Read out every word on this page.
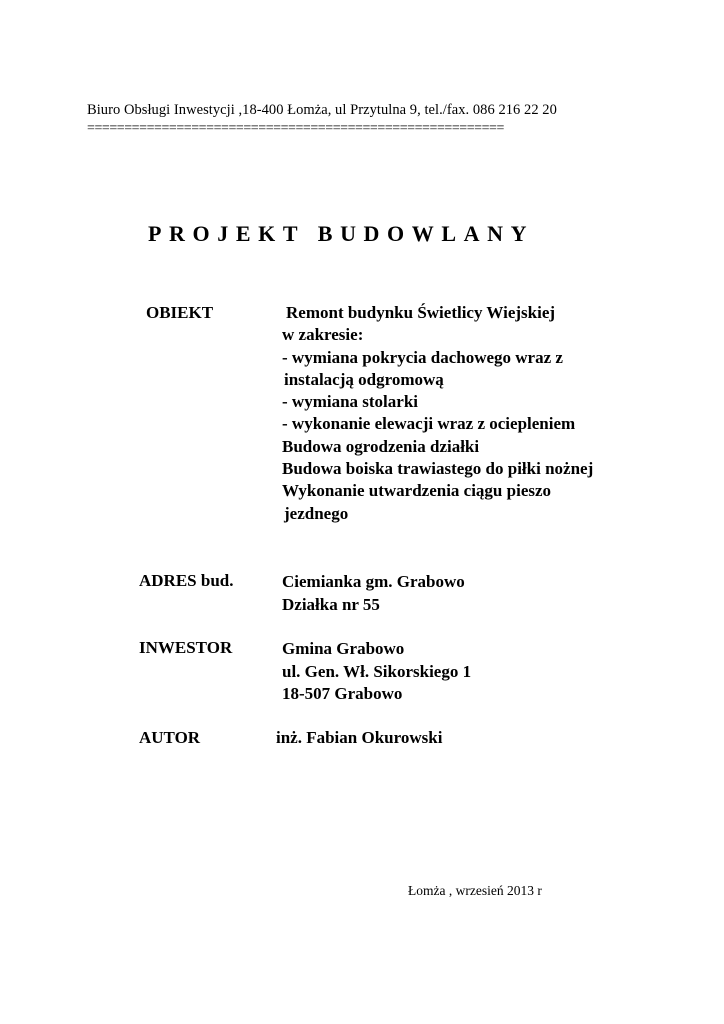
Biuro Obsługi Inwestycji ,18-400 Łomża, ul Przytulna 9, tel./fax. 086 216 22 20
========================================================
PROJEKT BUDOWLANY
OBIEKT	Remont budynku Świetlicy Wiejskiej
w zakresie:
- wymiana pokrycia dachowego wraz z
instalacją odgromową
- wymiana stolarki
- wykonanie elewacji wraz z ociepleniem
Budowa ogrodzenia działki
Budowa boiska trawiastego do piłki nożnej
Wykonanie utwardzenia ciągu pieszo
jezdnego
ADRES bud.	Ciemianka gm. Grabowo
Działka nr 55
INWESTOR	Gmina Grabowo
ul. Gen. Wł. Sikorskiego 1
18-507 Grabowo
AUTOR	inż. Fabian Okurowski
Łomża , wrzesień 2013 r
